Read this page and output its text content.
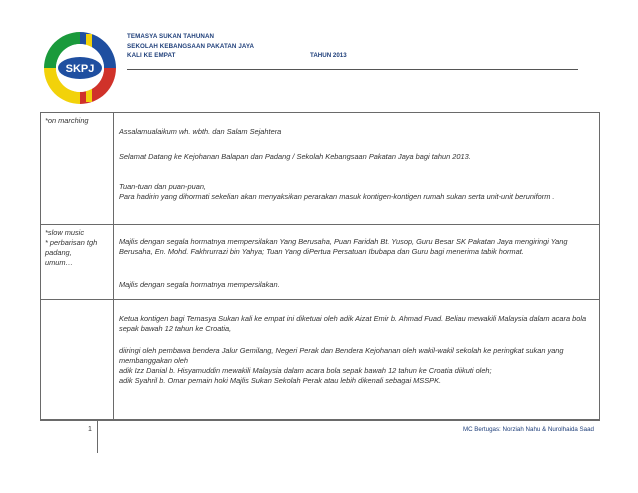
SKPJ
TEMASYA SUKAN TAHUNAN
SEKOLAH KEBANGSAAN PAKATAN JAYA
KALI KE EMPAT	TAHUN 2013
*on marching
Assalamualaikum wh. wbth. dan Salam Sejahtera
Selamat Datang ke Kejohanan Balapan dan Padang / Sekolah Kebangsaan Pakatan Jaya bagi tahun 2013.
Tuan-tuan dan puan-puan,
Para hadirin yang dihormati sekelian akan menyaksikan perarakan masuk kontigen-kontigen rumah sukan serta unit-unit beruniform .
*slow music
* perbarisan tgh padang,
umum…
Majlis dengan segala hormatnya mempersilakan Yang Berusaha, Puan Faridah Bt. Yusop, Guru Besar SK Pakatan Jaya mengiringi Yang Berusaha, En. Mohd. Fakhrurrazi bin Yahya; Tuan Yang diPertua Persatuan Ibubapa dan Guru bagi menerima tabik hormat.
Majlis dengan segala hormatnya mempersilakan.
Ketua kontigen bagi Temasya Sukan kali ke empat ini diketuai oleh adik Aizat Emir b. Ahmad Fuad. Beliau mewakili Malaysia dalam acara bola sepak bawah 12 tahun ke Croatia,
diiringi oleh pembawa bendera Jalur Gemilang, Negeri Perak dan Bendera Kejohanan oleh wakil-wakil sekolah ke peringkat sukan yang membanggakan oleh
adik Izz Danial b. Hisyamuddin mewakili Malaysia dalam acara bola sepak bawah 12 tahun ke Croatia diikuti oleh;
adik Syahril b. Omar pemain hoki Majlis Sukan Sekolah Perak atau lebih dikenali sebagai MSSPK.
1	MC Bertugas: Norziah Nahu & Nurolhaida Saad
